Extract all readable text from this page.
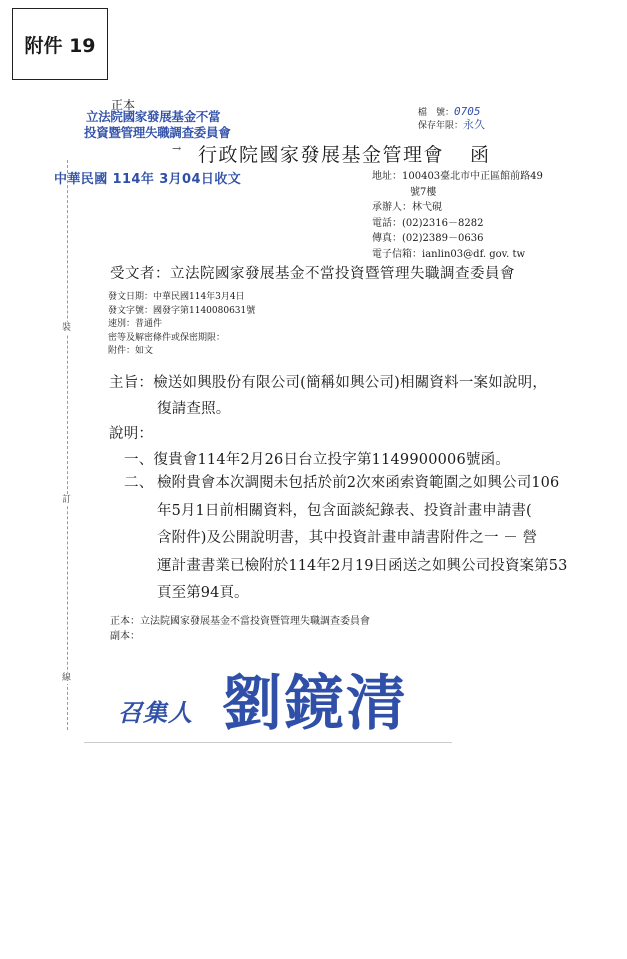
附件 19
正本
立法院國家發展基金不當
投資暨管理失職調查委員會
檔　號：0705
保存年限：永久
→ 行政院國家發展基金管理會 函
中華民國 114年 3月04日收文	地址：100403臺北市中正區館前路49
號7樓
承辦人：林弋硯
電話：(02)2316－8282
傳真：(02)2389－0636
電子信箱：ianlin03@df. gov. tw
受文者：立法院國家發展基金不當投資暨管理失職調查委員會
發文日期：中華民國114年3月4日
發文字號：國發字第1140080631號
速別：普通件
密等及解密條件或保密期限：
附件：如文
主旨：檢送如興股份有限公司(簡稱如興公司)相關資料一案如說明，
復請查照。
說明：
一、復貴會114年2月26日台立投字第1149900006號函。
二、 檢附貴會本次調閱未包括於前2次來函索資範圍之如興公司106
年5月1日前相關資料，包含面談紀錄表、投資計畫申請書(
含附件)及公開說明書，其中投資計畫申請書附件之一 － 營
運計畫書業已檢附於114年2月19日函送之如興公司投資案第53
頁至第94頁。
正本：立法院國家發展基金不當投資暨管理失職調查委員會
副本：
裝
訂
線
召集人 劉鏡清
